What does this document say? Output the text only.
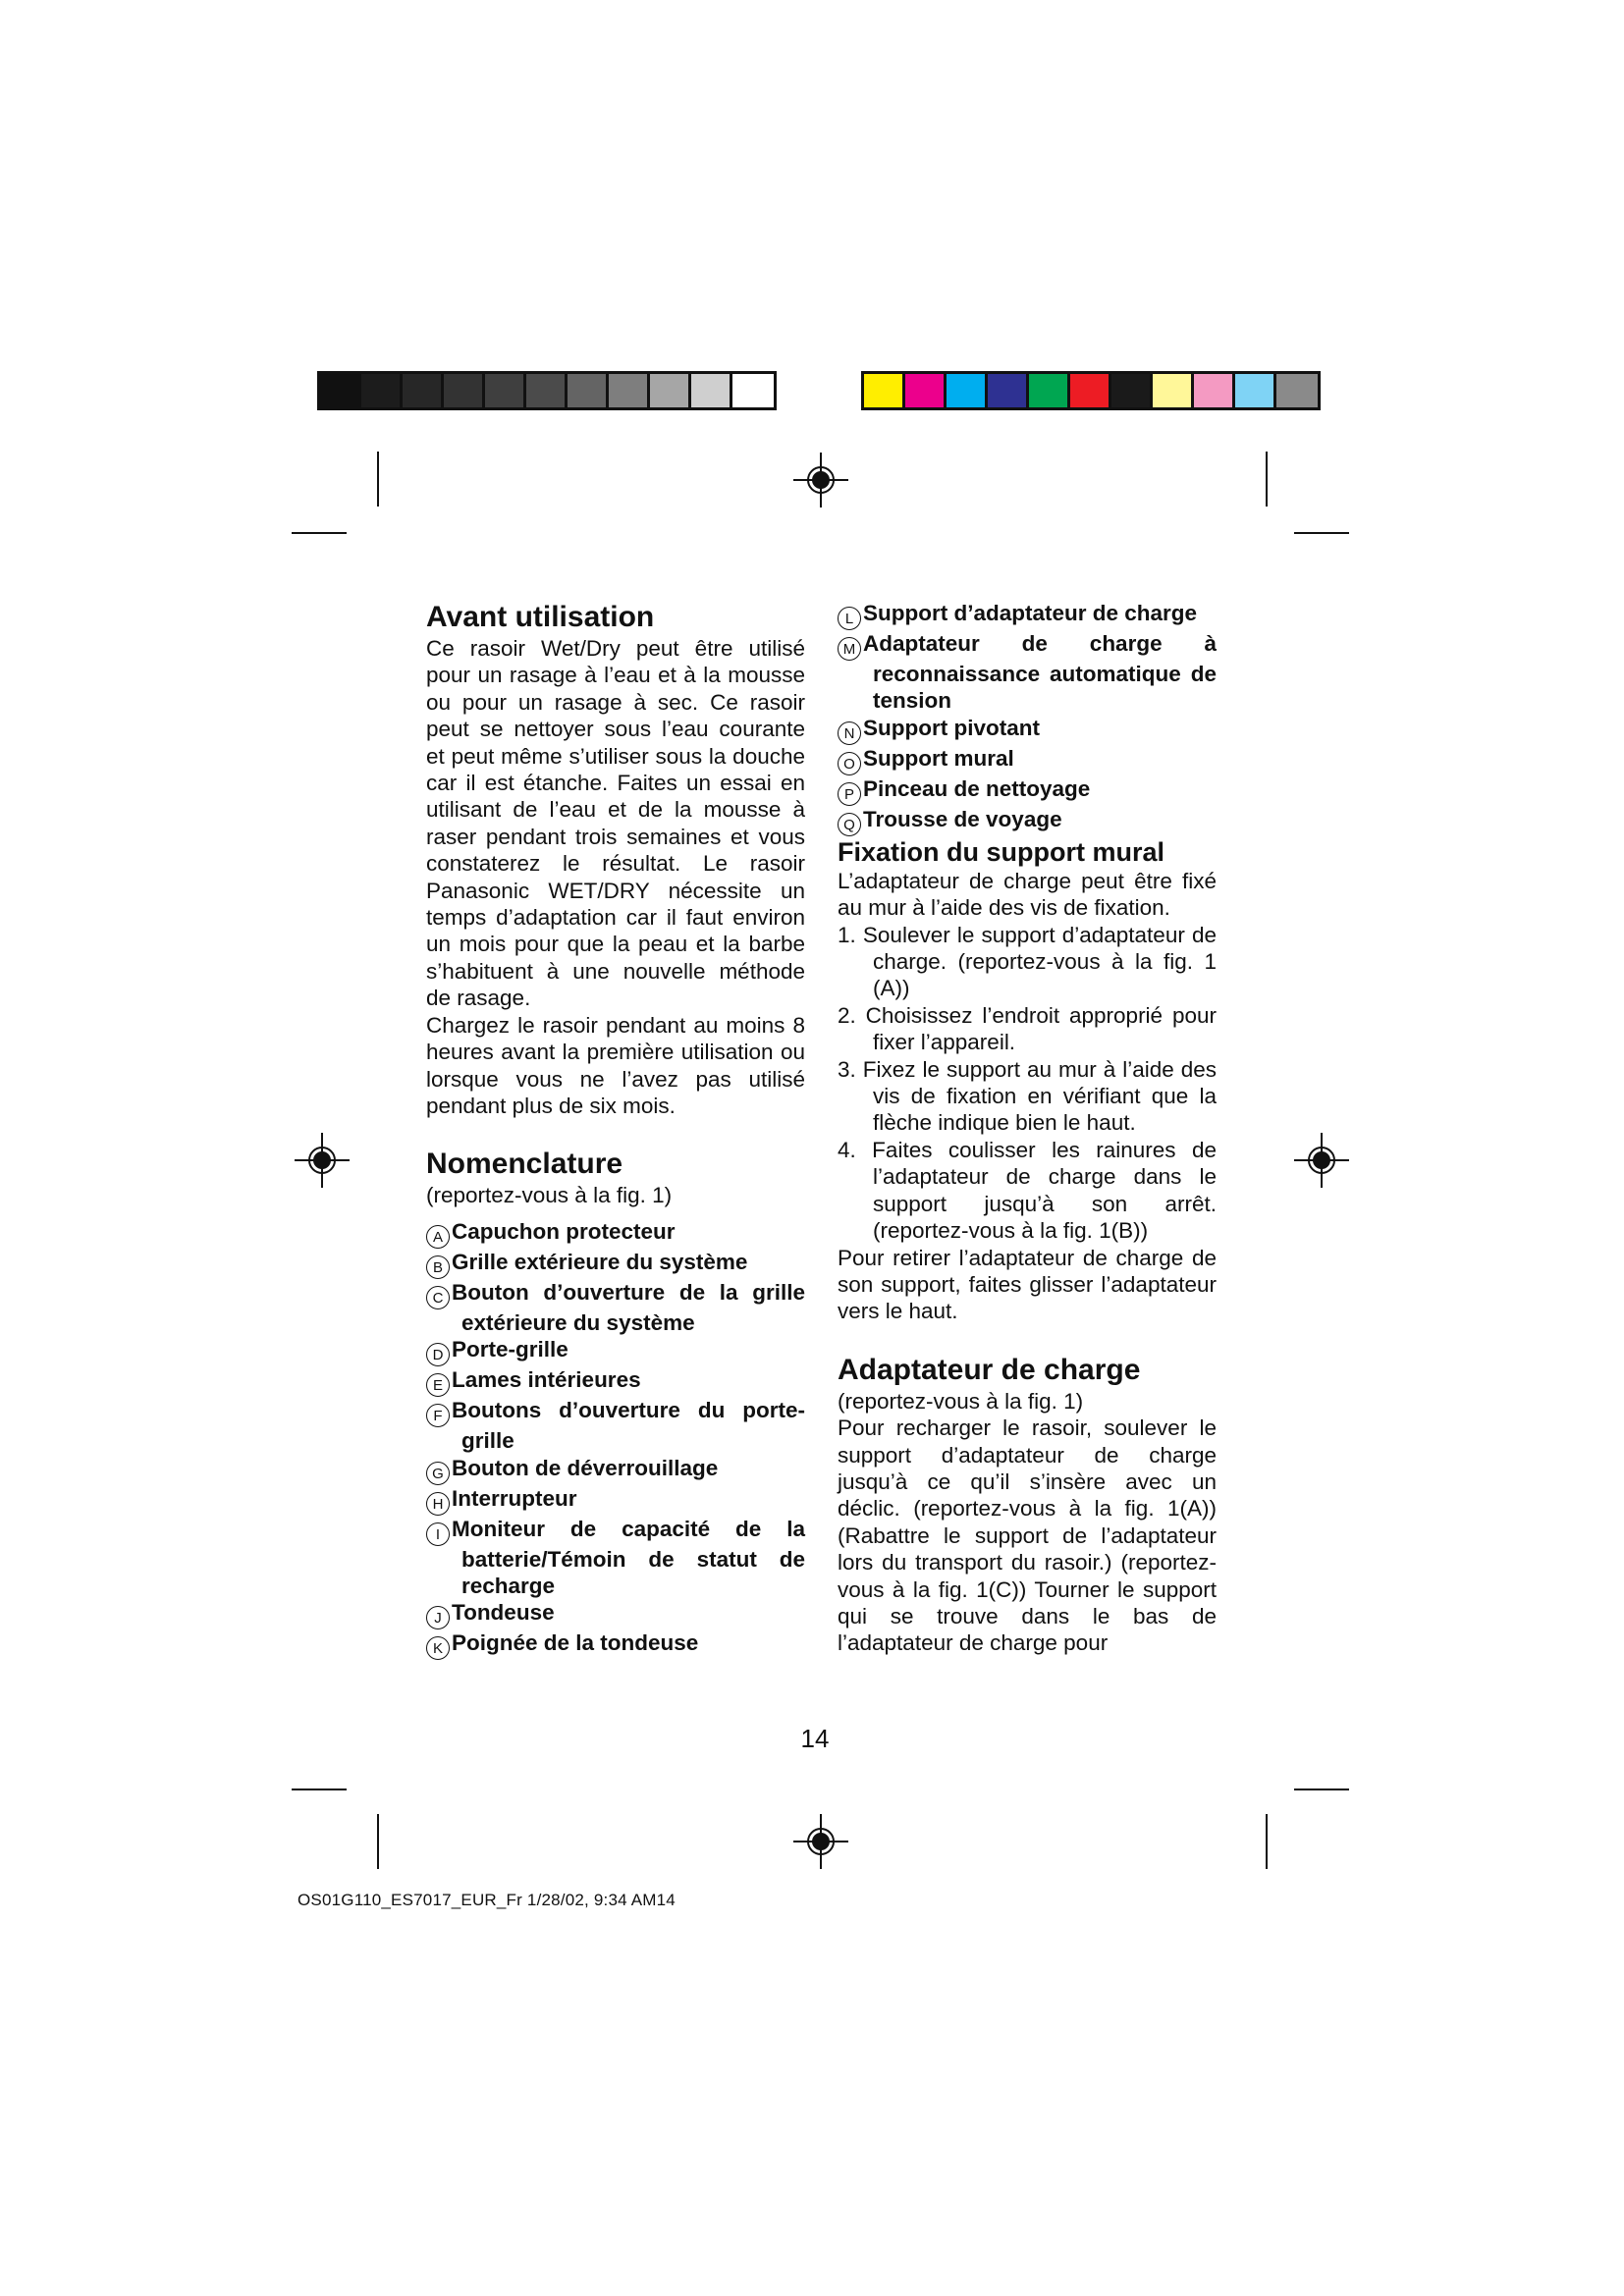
Avant utilisation

Ce rasoir Wet/Dry peut être utilisé pour un rasage à l’eau et à la mousse ou pour un rasage à sec. Ce rasoir peut se nettoyer sous l’eau courante et peut même s’utiliser sous la douche car il est étanche. Faites un essai en utilisant de l’eau et de la mousse à raser pendant trois semaines et vous constaterez le résultat. Le rasoir Panasonic WET/DRY nécessite un temps d’adaptation car il faut environ un mois pour que la peau et la barbe s’habituent à une nouvelle méthode de rasage.

Chargez le rasoir pendant au moins 8 heures avant la première utilisation ou lorsque vous ne l’avez pas utilisé pendant plus de six mois.

Nomenclature

(reportez-vous à la fig. 1)

A Capuchon protecteur

B Grille extérieure du système

C Bouton d’ouverture de la grille extérieure du système

D Porte-grille

E Lames intérieures

F Boutons d’ouverture du porte-grille

G Bouton de déverrouillage

H Interrupteur

I Moniteur de capacité de la batterie/Témoin de statut de recharge

J Tondeuse

K Poignée de la tondeuse

L Support d’adaptateur de charge

M Adaptateur de charge à reconnaissance automatique de tension

N Support pivotant

O Support mural

P Pinceau de nettoyage

Q Trousse de voyage

Fixation du support mural

L’adaptateur de charge peut être fixé au mur à l’aide des vis de fixation.

1. Soulever le support d’adaptateur de charge. (reportez-vous à la fig. 1 (A))

2. Choisissez l’endroit approprié pour fixer l’appareil.

3. Fixez le support au mur à l’aide des vis de fixation en vérifiant que la flèche indique bien le haut.

4. Faites coulisser les rainures de l’adaptateur de charge dans le support jusqu’à son arrêt. (reportez-vous à la fig. 1(B))

Pour retirer l’adaptateur de charge de son support, faites glisser l’adaptateur vers le haut.

Adaptateur de charge

(reportez-vous à la fig. 1)

Pour recharger le rasoir, soulever le support d’adaptateur de charge jusqu’à ce qu’il s’insère avec un déclic. (reportez-vous à la fig. 1(A)) (Rabattre le support de l’adaptateur lors du transport du rasoir.) (reportez-vous à la fig. 1(C)) Tourner le support qui se trouve dans le bas de l’adaptateur de charge pour

14
OS01G110_ES7017_EUR_Fr 1/28/02, 9:34 AM14
